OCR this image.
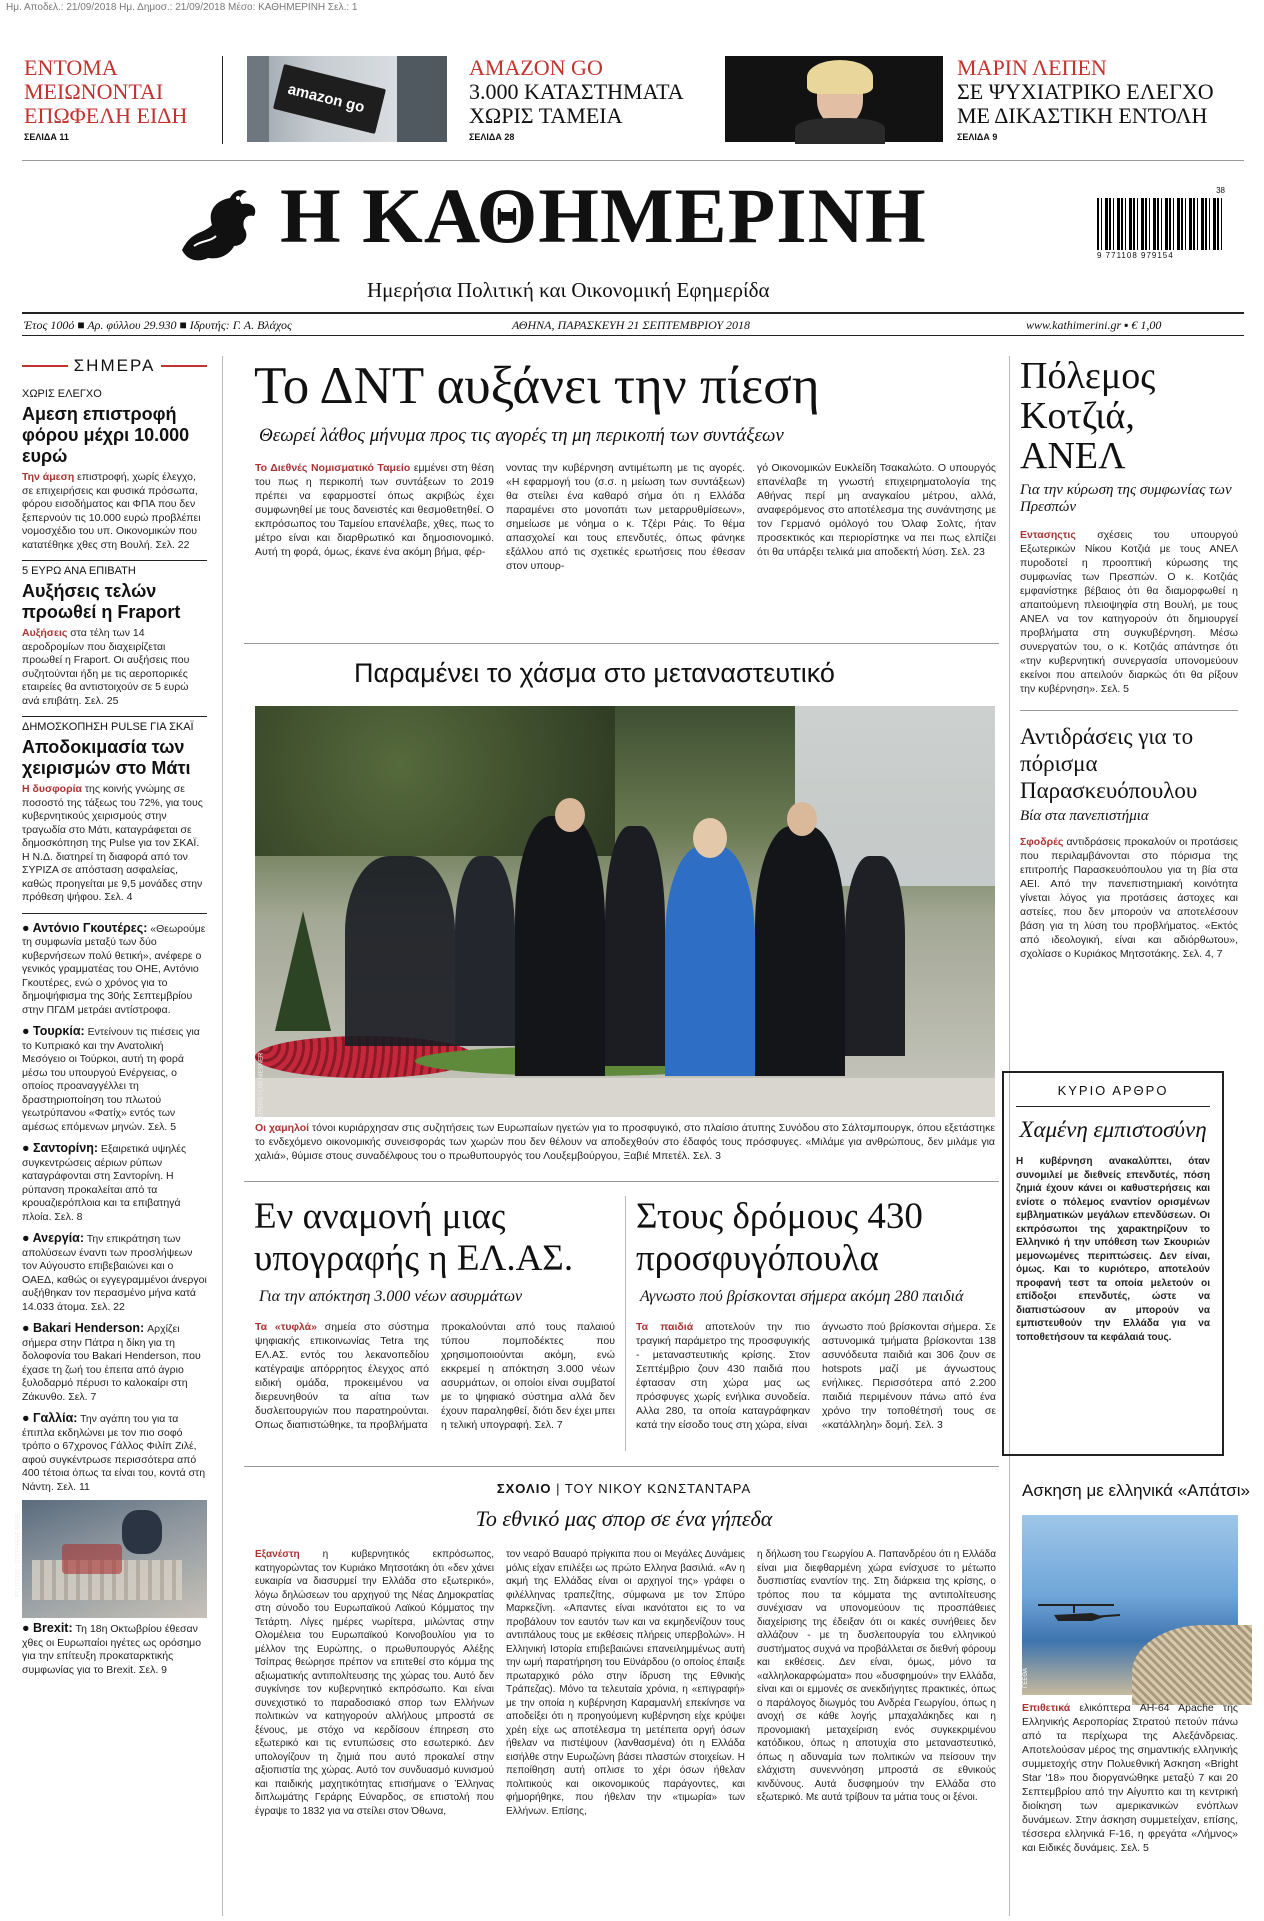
Ημ. Αποδελ.: 21/09/2018 Ημ. Δημοσ.: 21/09/2018 Μέσο: ΚΑΘΗΜΕΡΙΝΗ Σελ.: 1
ΕΝΤΟΜΑ
ΜΕΙΩΝΟΝΤΑΙ
ΕΠΩΦΕΛΗ ΕΙΔΗ
ΣΕΛΙΔΑ 11
amazon go
AMAZON GO
3.000 ΚΑΤΑΣΤΗΜΑΤΑ
ΧΩΡΙΣ ΤΑΜΕΙΑ
ΣΕΛΙΔΑ 28
ΜΑΡΙΝ ΛΕΠΕΝ
ΣΕ ΨΥΧΙΑΤΡΙΚΟ ΕΛΕΓΧΟ
ΜΕ ΔΙΚΑΣΤΙΚΗ ΕΝΤΟΛΗ
ΣΕΛΙΔΑ 9
Η ΚΑΘΗΜΕΡΙΝΗ
Ημερήσια Πολιτική και Οικονομική Εφημερίδα
9 771108 979154
38
Έτος 100ό ■ Αρ. φύλλου 29.930 ■ Ιδρυτής: Γ. Α. Βλάχος	ΑΘΗΝΑ, ΠΑΡΑΣΚΕΥΗ 21 ΣΕΠΤΕΜΒΡΙΟΥ 2018	www.kathimerini.gr ▪ € 1,00
ΣΗΜΕΡΑ
ΧΩΡΙΣ ΕΛΕΓΧΟ
Αμεση επιστροφή φόρου μέχρι 10.000 ευρώ
Την άμεση επιστροφή, χωρίς έλεγχο, σε επιχειρήσεις και φυσικά πρόσωπα, φόρου εισοδήματος και ΦΠΑ που δεν ξεπερνούν τις 10.000 ευρώ προβλέπει νομοσχέδιο του υπ. Οικονομικών που κατατέθηκε χθες στη Βουλή. Σελ. 22
5 ΕΥΡΩ ΑΝΑ ΕΠΙΒΑΤΗ
Αυξήσεις τελών προωθεί η Fraport
Αυξήσεις στα τέλη των 14 αεροδρομίων που διαχειρίζεται προωθεί η Fraport. Οι αυξήσεις που συζητούνται ήδη με τις αεροπορικές εταιρείες θα αντιστοιχούν σε 5 ευρώ ανά επιβάτη. Σελ. 25
ΔΗΜΟΣΚΟΠΗΣΗ PULSE ΓΙΑ ΣΚΑΪ
Αποδοκιμασία των χειρισμών στο Μάτι
Η δυσφορία της κοινής γνώμης σε ποσοστό της τάξεως του 72%, για τους κυβερνητικούς χειρισμούς στην τραγωδία στο Μάτι, καταγράφεται σε δημοσκόπηση της Pulse για τον ΣΚΑΪ. Η Ν.Δ. διατηρεί τη διαφορά από τον ΣΥΡΙΖΑ σε απόσταση ασφαλείας, καθώς προηγείται με 9,5 μονάδες στην πρόθεση ψήφου. Σελ. 4
● Αντόνιο Γκουτέρες: «Θεωρούμε τη συμφωνία μεταξύ των δύο κυβερνήσεων πολύ θετική», ανέφερε ο γενικός γραμματέας του ΟΗΕ, Αντόνιο Γκουτέρες, ενώ ο χρόνος για το δημοψήφισμα της 30ής Σεπτεμβρίου στην ΠΓΔΜ μετράει αντίστροφα.
● Τουρκία: Εντείνουν τις πιέσεις για το Κυπριακό και την Ανατολική Μεσόγειο οι Τούρκοι, αυτή τη φορά μέσω του υπουργού Ενέργειας, ο οποίος προαναγγέλλει τη δραστηριοποίηση του πλωτού γεωτρύπανου «Φατίχ» εντός των αμέσως επόμενων μηνών. Σελ. 5
● Σαντορίνη: Εξαιρετικά υψηλές συγκεντρώσεις αέριων ρύπων καταγράφονται στη Σαντορίνη. Η ρύπανση προκαλείται από τα κρουαζιερόπλοια και τα επιβατηγά πλοία. Σελ. 8
● Ανεργία: Την επικράτηση των απολύσεων έναντι των προσλήψεων τον Αύγουστο επιβεβαιώνει και ο ΟΑΕΔ, καθώς οι εγγεγραμμένοι άνεργοι αυξήθηκαν τον περασμένο μήνα κατά 14.033 άτομα. Σελ. 22
● Bakari Henderson: Αρχίζει σήμερα στην Πάτρα η δίκη για τη δολοφονία του Bakari Henderson, που έχασε τη ζωή του έπειτα από άγριο ξυλοδαρμό πέρυσι το καλοκαίρι στη Ζάκυνθο. Σελ. 7
● Γαλλία: Την αγάπη του για τα έπιπλα εκδηλώνει με τον πιο σοφό τρόπο ο 67χρονος Γάλλος Φιλίπ Ζιλέ, αφού συγκέντρωσε περισσότερα από 400 τέτοια όπως τα είναι του, κοντά στη Νάντη. Σελ. 11
REUTERS / STEPHANE MAHE
● Brexit: Τη 18η Οκτωβρίου έθεσαν χθες οι Ευρωπαίοι ηγέτες ως ορόσημο για την επίτευξη προκαταρκτικής συμφωνίας για το Brexit. Σελ. 9
Το ΔΝΤ αυξάνει την πίεση
Θεωρεί λάθος μήνυμα προς τις αγορές τη μη περικοπή των συντάξεων
Το Διεθνές Νομισματικό Ταμείο εμμένει στη θέση του πως η περικοπή των συντάξεων το 2019 πρέπει να εφαρμοστεί όπως ακριβώς έχει συμφωνηθεί με τους δανειστές και θεσμοθετηθεί. Ο εκπρόσωπος του Ταμείου επανέλαβε, χθες, πως το μέτρο είναι και διαρθρωτικό και δημοσιονομικό. Αυτή τη φορά, όμως, έκανε ένα ακόμη βήμα, φέρ-
νοντας την κυβέρνηση αντιμέτωπη με τις αγορές. «Η εφαρμογή του (σ.σ. η μείωση των συντάξεων) θα στείλει ένα καθαρό σήμα ότι η Ελλάδα παραμένει στο μονοπάτι των μεταρρυθμίσεων», σημείωσε με νόημα ο κ. Τζέρι Ράις. Το θέμα απασχολεί και τους επενδυτές, όπως φάνηκε εξάλλου από τις σχετικές ερωτήσεις που έθεσαν στον υπουρ-
γό Οικονομικών Ευκλείδη Τσακαλώτο. Ο υπουργός επανέλαβε τη γνωστή επιχειρηματολογία της Αθήνας περί μη αναγκαίου μέτρου, αλλά, αναφερόμενος στο αποτέλεσμα της συνάντησης με τον Γερμανό ομόλογό του Όλαφ Σολτς, ήταν προσεκτικός και περιορίστηκε να πει πως ελπίζει ότι θα υπάρξει τελικά μια αποδεκτή λύση. Σελ. 23
Παραμένει το χάσμα στο μεταναστευτικό
REUTERS / LISI NIESNER
Οι χαμηλοί τόνοι κυριάρχησαν στις συζητήσεις των Ευρωπαίων ηγετών για το προσφυγικό, στο πλαίσιο άτυπης Συνόδου στο Σάλτσμπουργκ, όπου εξετάστηκε το ενδεχόμενο οικονομικής συνεισφοράς των χωρών που δεν θέλουν να αποδεχθούν στο έδαφός τους πρόσφυγες. «Μιλάμε για ανθρώπους, δεν μιλάμε για χαλιά», θύμισε στους συναδέλφους του ο πρωθυπουργός του Λουξεμβούργου, Ξαβιέ Μπετέλ. Σελ. 3
Εν αναμονή μιας υπογραφής η ΕΛ.ΑΣ.
Για την απόκτηση 3.000 νέων ασυρμάτων
Τα «τυφλά» σημεία στο σύστημα ψηφιακής επικοινωνίας Tetra της ΕΛ.ΑΣ. εντός του λεκανοπεδίου κατέγραψε απόρρητος έλεγχος από ειδική ομάδα, προκειμένου να διερευνηθούν τα αίτια των δυσλειτουργιών που παρατηρούνται. Οπως διαπιστώθηκε, τα προβλήματα
προκαλούνται από τους παλαιού τύπου πομποδέκτες που χρησιμοποιούνται ακόμη, ενώ εκκρεμεί η απόκτηση 3.000 νέων ασυρμάτων, οι οποίοι είναι συμβατοί με το ψηφιακό σύστημα αλλά δεν έχουν παραληφθεί, διότι δεν έχει μπει η τελική υπογραφή. Σελ. 7
Στους δρόμους 430 προσφυγόπουλα
Αγνωστο πού βρίσκονται σήμερα ακόμη 280 παιδιά
Τα παιδιά αποτελούν την πιο τραγική παράμετρο της προσφυγικής - μεταναστευτικής κρίσης. Στον Σεπτέμβριο ζουν 430 παιδιά που έφτασαν στη χώρα μας ως πρόσφυγες χωρίς ενήλικα συνοδεία. Αλλα 280, τα οποία καταγράφηκαν κατά την είσοδο τους στη χώρα, είναι
άγνωστο πού βρίσκονται σήμερα. Σε αστυνομικά τμήματα βρίσκονται 138 ασυνόδευτα παιδιά και 306 ζουν σε hotspots μαζί με άγνωστους ενήλικες. Περισσότερα από 2.200 παιδιά περιμένουν πάνω από ένα χρόνο την τοποθέτησή τους σε «κατάλληλη» δομή. Σελ. 3
ΣΧΟΛΙΟ | ΤΟΥ ΝΙΚΟΥ ΚΩΝΣΤΑΝΤΑΡΑ
Το εθνικό μας σπορ σε ένα γήπεδα
Εξανέστη η κυβερνητικός εκπρόσωπος, κατηγορώντας τον Κυριάκο Μητσοτάκη ότι «δεν χάνει ευκαιρία να διασυρμεί την Ελλάδα στο εξωτερικό», λόγω δηλώσεων του αρχηγού της Νέας Δημοκρατίας στη σύνοδο του Ευρωπαϊκού Λαϊκού Κόμματος την Τετάρτη. Λίγες ημέρες νωρίτερα, μιλώντας στην Ολομέλεια του Ευρωπαϊκού Κοινοβουλίου για το μέλλον της Ευρώπης, ο πρωθυπουργός Αλέξης Τσίπρας θεώρησε πρέπον να επιτεθεί στο κόμμα της αξιωματικής αντιπολίτευσης της χώρας του. Αυτό δεν συγκίνησε τον κυβερνητικό εκπρόσωπο. Και είναι συνεχιστικό το παραδοσιακό σπορ των Ελλήνων πολιτικών να κατηγορούν αλλήλους μπροστά σε ξένους, με στόχο να κερδίσουν έπηρεση στο εξωτερικό και τις εντυπώσεις στο εσωτερικό. Δεν υπολογίζουν τη ζημιά που αυτό προκαλεί στην αξιοπιστία της χώρας. Αυτό τον συνδυασμό κυνισμού και παιδικής μαχητικότητας επισήμανε ο Έλληνας διπλωμάτης Γεράρης Εύναρδος, σε επιστολή που έγραψε το 1832 για να στείλει στον Όθωνα,
τον νεαρό Βαυαρό πρίγκιπα που οι Μεγάλες Δυνάμεις μόλις είχαν επιλέξει ως πρώτο Ελληνα βασιλιά. «Αν η ακμή της Ελλάδας είναι οι αρχηγοί της» γράφει ο φιλέλληνας τραπεζίτης, σύμφωνα με τον Σπύρο Μαρκεζίνη. «Απαντες είναι ικανότατοι εις το να προβάλουν τον εαυτόν των και να εκμηδενίζουν τους αντιπάλους τους με εκθέσεις πλήρεις υπερβολών». Η Ελληνική Ιστορία επιβεβαιώνει επανειλημμένως αυτή την ωμή παρατήρηση του Εϋνάρδου (ο οποίος έπαιξε πρωταρχικό ρόλο στην ίδρυση της Εθνικής Τράπεζας). Μόνο τα τελευταία χρόνια, η «επιγραφή» με την οποία η κυβέρνηση Καραμανλή επεκίνησε να αποδείξει ότι η προηγούμενη κυβέρνηση είχε κρύψει χρέη είχε ως αποτέλεσμα τη μετέπειτα οργή όσων ήθελαν να πιστέψουν (λανθασμένα) ότι η Ελλάδα εισήλθε στην Ευρωζώνη βάσει πλαστών στοιχείων. Η πεποίθηση αυτή οπλισε το χέρι όσων ήθελαν πολιτικούς και οικονομικούς παράγοντες, και φήμορήθηκε, που ήθελαν την «τιμωρία» των Ελλήνων. Επίσης,
η δήλωση του Γεωργίου Α. Παπανδρέου ότι η Ελλάδα είναι μια διεφθαρμένη χώρα ενίσχυσε το μέτωπο δυσπιστίας εναντίον της. Στη διάρκεια της κρίσης, ο τρόπος που τα κόμματα της αντιπολίτευσης συνέχισαν να υπονομεύουν τις προσπάθειες διαχείρισης της έδειξαν ότι οι κακές συνήθειες δεν αλλάζουν - με τη δυσλειτουργία του ελληνικού συστήματος συχνά να προβάλλεται σε διεθνή φόρουμ και εκθέσεις. Δεν είναι, όμως, μόνο τα «αλληλοκαρφώματα» που «δυσφημούν» την Ελλάδα, είναι και οι εμμονές σε ανεκδιήγητες πρακτικές, όπως ο παράλογος διωγμός του Ανδρέα Γεωργίου, όπως η ανοχή σε κάθε λογής μπαχαλάκηδες και η προνομιακή μεταχείριση ενός συγκεκριμένου κατόδικου, όπως η αποτυχία στο μεταναστευτικό, όπως η αδυναμία των πολιτικών να πείσουν την ελάχιστη συνεννόηση μπροστά σε εθνικούς κινδύνους. Αυτά δυσφημούν την Ελλάδα στο εξωτερικό. Με αυτά τρίβουν τα μάτια τους οι ξένοι.
Πόλεμος Κοτζιά, ΑΝΕΛ
Για την κύρωση της συμφωνίας των Πρεσπών
Εντασηςτις σχέσεις του υπουργού Εξωτερικών Νίκου Κοτζιά με τους ΑΝΕΛ πυροδοτεί η προοπτική κύρωσης της συμφωνίας των Πρεσπών. Ο κ. Κοτζιάς εμφανίστηκε βέβαιος ότι θα διαμορφωθεί η απαιτούμενη πλειοψηφία στη Βουλή, με τους ΑΝΕΛ να τον κατηγορούν ότι δημιουργεί προβλήματα στη συγκυβέρνηση. Μέσω συνεργατών του, ο κ. Κοτζιάς απάντησε ότι «την κυβερνητική συνεργασία υπονομεύουν εκείνοι που απειλούν διαρκώς ότι θα ρίξουν την κυβέρνηση». Σελ. 5
Αντιδράσεις για το πόρισμα Παρασκευόπουλου
Βία στα πανεπιστήμια
Σφοδρές αντιδράσεις προκαλούν οι προτάσεις που περιλαμβάνονται στο πόρισμα της επιτροπής Παρασκευόπουλου για τη βία στα ΑΕΙ. Από την πανεπιστημιακή κοινότητα γίνεται λόγος για προτάσεις άστοχες και αστείες, που δεν μπορούν να αποτελέσουν βάση για τη λύση του προβλήματος. «Εκτός από ιδεολογική, είναι και αδιόρθωτου», σχολίασε ο Κυριάκος Μητσοτάκης. Σελ. 4, 7
ΚΥΡΙΟ ΑΡΘΡΟ
Χαμένη εμπιστοσύνη
Η κυβέρνηση ανακαλύπτει, όταν συνομιλεί με διεθνείς επενδυτές, πόση ζημιά έχουν κάνει οι καθυστερήσεις και ενίοτε ο πόλεμος εναντίον ορισμένων εμβληματικών μεγάλων επενδύσεων. Οι εκπρόσωποι της χαρακτηρίζουν το Ελληνικό ή την υπόθεση των Σκουριών μεμονωμένες περιπτώσεις. Δεν είναι, όμως. Και το κυριότερο, αποτελούν προφανή τεστ τα οποία μελετούν οι επίδοξοι επενδυτές, ώστε να διαπιστώσουν αν μπορούν να εμπιστευθούν την Ελλάδα για να τοποθετήσουν τα κεφάλαιά τους.
Ασκηση με ελληνικά «Απάτσι»
ΓΕΕΘΑ
Επιθετικά ελικόπτερα AH-64 Apache της Ελληνικής Αεροπορίας Στρατού πετούν πάνω από τα περίχωρα της Αλεξάνδρειας. Αποτελούσαν μέρος της σημαντικής ελληνικής συμμετοχής στην Πολυεθνική Άσκηση «Bright Star '18» που διοργανώθηκε μεταξύ 7 και 20 Σεπτεμβρίου από την Αίγυπτο και τη κεντρική διοίκηση των αμερικανικών ενόπλων δυνάμεων. Στην άσκηση συμμετείχαν, επίσης, τέσσερα ελληνικά F-16, η φρεγάτα «Λήμνος» και Ειδικές δυνάμεις. Σελ. 5
